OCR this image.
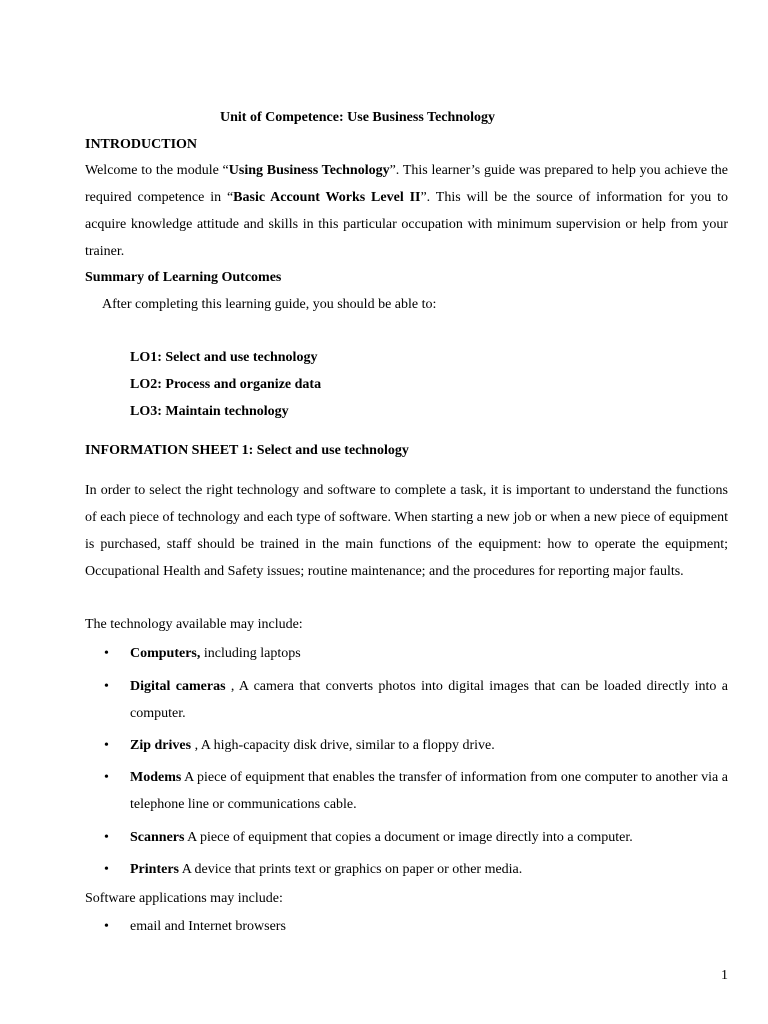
Unit of Competence: Use Business Technology
INTRODUCTION
Welcome to the module “Using Business Technology”. This learner’s guide was prepared to help you achieve the required competence in “Basic Account Works Level II”. This will be the source of information for you to acquire knowledge attitude and skills in this particular occupation with minimum supervision or help from your trainer.
Summary of Learning Outcomes
After completing this learning guide, you should be able to:
LO1: Select and use technology
LO2: Process and organize data
LO3: Maintain technology
INFORMATION SHEET 1: Select and use technology
In order to select the right technology and software to complete a task, it is important to understand the functions of each piece of technology and each type of software. When starting a new job or when a new piece of equipment is purchased, staff should be trained in the main functions of the equipment: how to operate the equipment; Occupational Health and Safety issues; routine maintenance; and the procedures for reporting major faults.
The technology available may include:
• Computers, including laptops
• Digital cameras , A camera that converts photos into digital images that can be loaded directly into a computer.
• Zip drives , A high-capacity disk drive, similar to a floppy drive.
• Modems A piece of equipment that enables the transfer of information from one computer to another via a telephone line or communications cable.
• Scanners A piece of equipment that copies a document or image directly into a computer.
• Printers A device that prints text or graphics on paper or other media.
Software applications may include:
• email and Internet browsers
1
